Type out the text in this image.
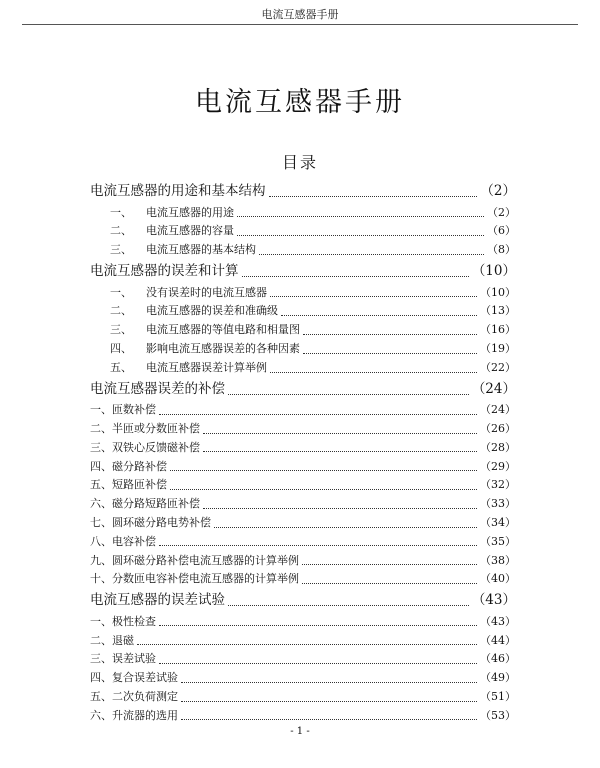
电流互感器手册
电流互感器手册
目录
电流互感器的用途和基本结构	（2）
一、	电流互感器的用途	（2）
二、	电流互感器的容量	（6）
三、	电流互感器的基本结构	（8）
电流互感器的误差和计算	（10）
一、	没有误差时的电流互感器	（10）
二、	电流互感器的误差和准确级	（13）
三、	电流互感器的等值电路和相量图	（16）
四、	影响电流互感器误差的各种因素	（19）
五、	电流互感器误差计算举例	（22）
电流互感器误差的补偿	（24）
一、 匝数补偿	（24）
二、 半匝或分数匝补偿	（26）
三、 双铁心反馈磁补偿	（28）
四、 磁分路补偿	（29）
五、 短路匝补偿	（32）
六、 磁分路短路匝补偿	（33）
七、 圆环磁分路电势补偿	（34）
八、 电容补偿	（35）
九、 圆环磁分路补偿电流互感器的计算举例	（38）
十、 分数匝电容补偿电流互感器的计算举例	（40）
电流互感器的误差试验	（43）
一、 极性检查	（43）
二、 退磁	（44）
三、 误差试验	（46）
四、 复合误差试验	（49）
五、 二次负荷测定	（51）
六、 升流器的选用	（53）
- 1 -
